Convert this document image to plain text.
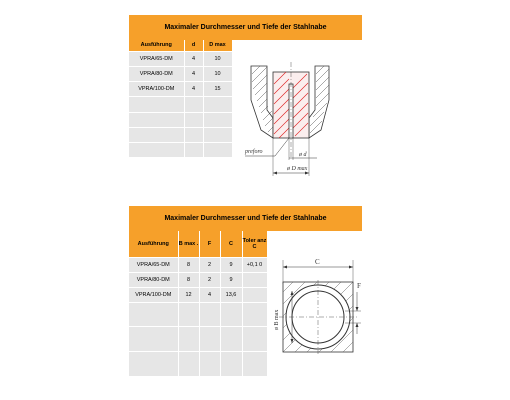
Maximaler Durchmesser und Tiefe der Stahlnabe
Ausführung	d	D max
VPRA/65-DM	4	10
VPRA/80-DM	4	10
VPRA/100-DM	4	15

preforo	ø d
ø D max
Maximaler Durchmesser und Tiefe der Stahlnabe
Ausführung	B max .	F	C	Toler anz C
VPRA/65-DM	8	2	9	+0,1 0
VPRA/80-DM	8	2	9	
VPRA/100-DM	12	4	13,6	

C
ø B max
F
